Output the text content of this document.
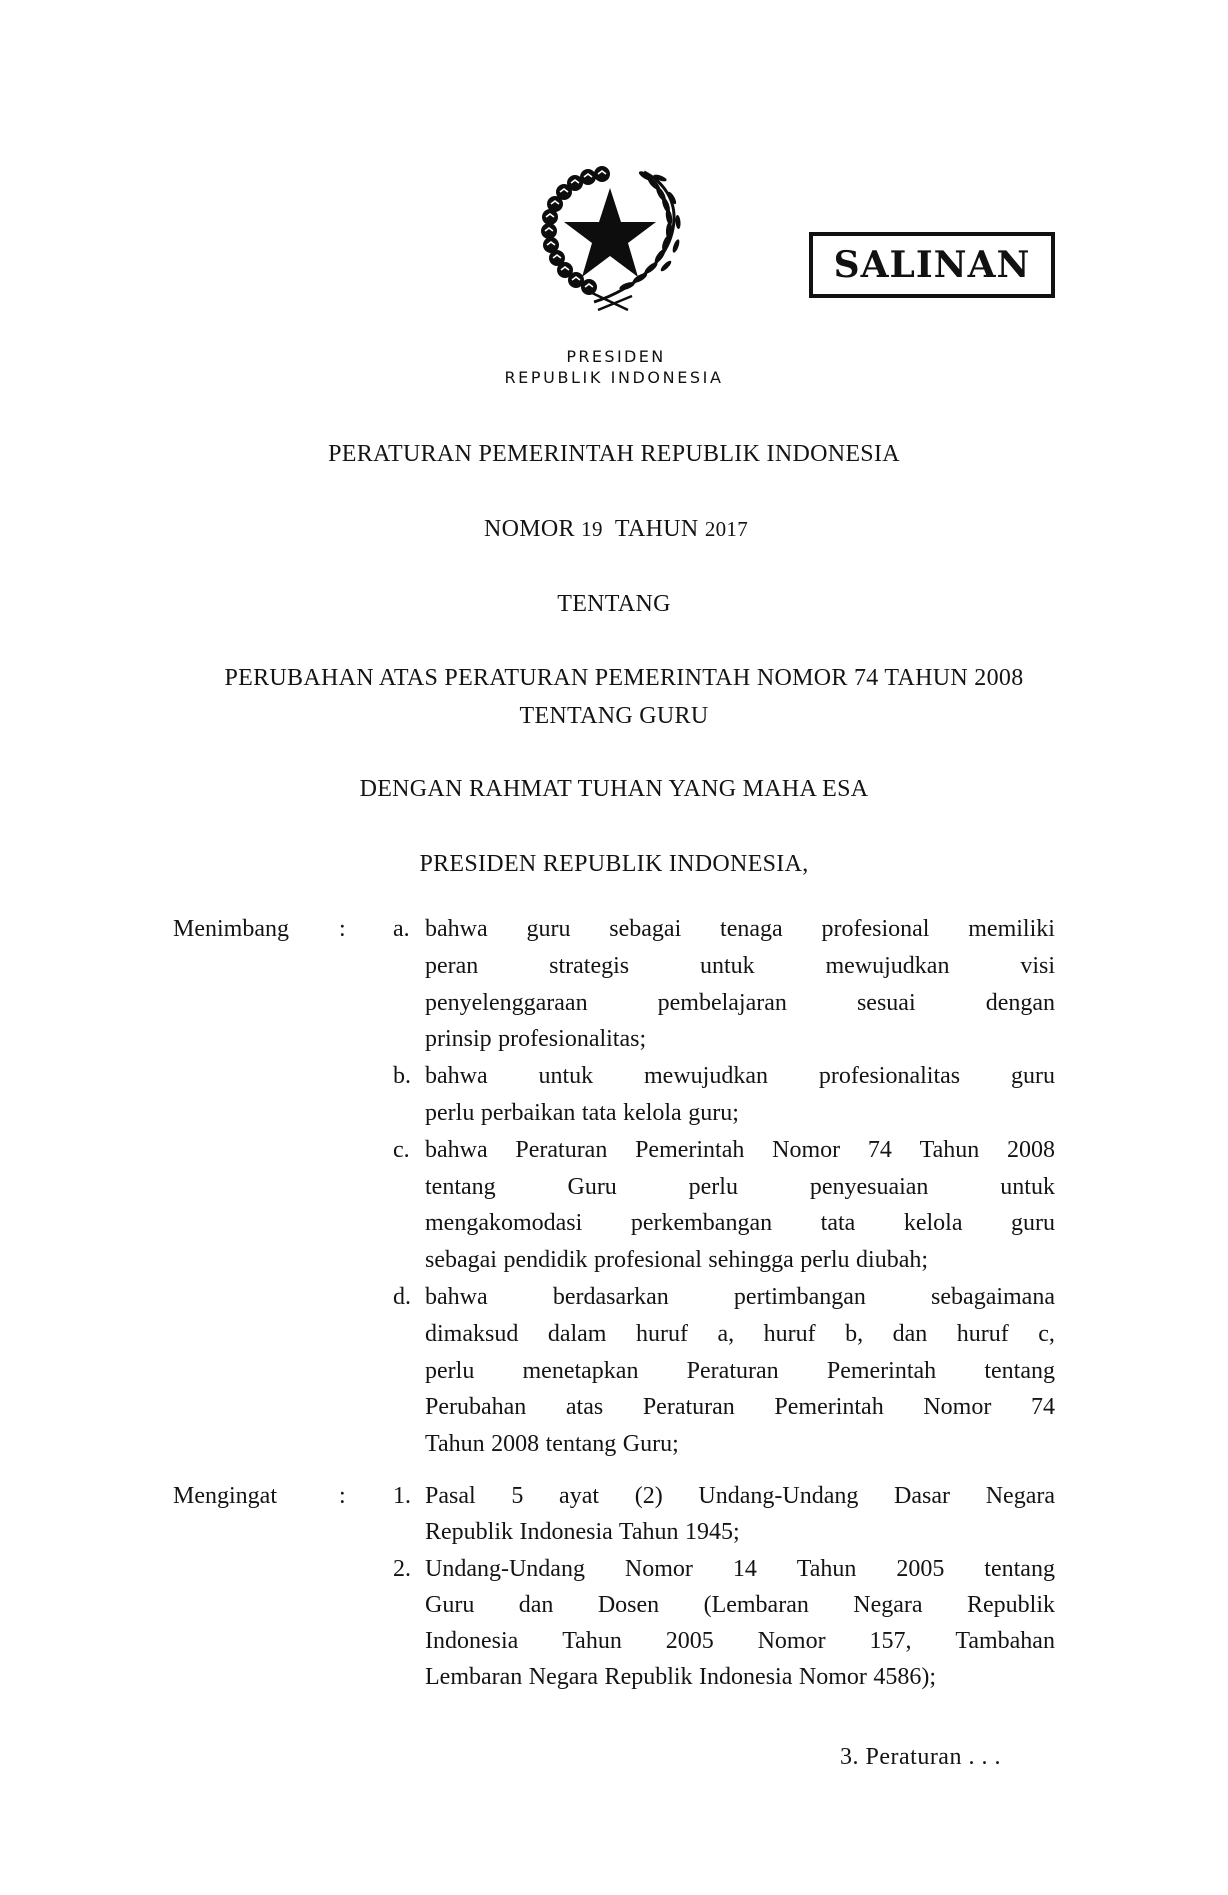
SALINAN
PRESIDEN
REPUBLIK INDONESIA
PERATURAN PEMERINTAH REPUBLIK INDONESIA
NOMOR 19 TAHUN 2017
TENTANG
PERUBAHAN ATAS PERATURAN PEMERINTAH NOMOR 74 TAHUN 2008
TENTANG GURU
DENGAN RAHMAT TUHAN YANG MAHA ESA
PRESIDEN REPUBLIK INDONESIA,
Menimbang	:	a. bahwa guru sebagai tenaga profesional memiliki
peran	strategis	untuk	mewujudkan	visi
penyelenggaraan	pembelajaran	sesuai	dengan
prinsip profesionalitas;
b. bahwa untuk mewujudkan profesionalitas guru
perlu perbaikan tata kelola guru;
c. bahwa Peraturan Pemerintah Nomor 74 Tahun 2008
tentang	Guru	perlu	penyesuaian	untuk
mengakomodasi perkembangan tata kelola guru
sebagai pendidik profesional sehingga perlu diubah;
d. bahwa	berdasarkan	pertimbangan	sebagaimana
dimaksud dalam huruf a, huruf b, dan huruf c,
perlu menetapkan Peraturan Pemerintah tentang
Perubahan atas Peraturan Pemerintah Nomor 74
Tahun 2008 tentang Guru;
Mengingat	:	1. Pasal 5 ayat (2) Undang-Undang Dasar Negara
Republik Indonesia Tahun 1945;
2. Undang-Undang Nomor 14 Tahun 2005 tentang
Guru dan Dosen (Lembaran Negara Republik
Indonesia Tahun 2005 Nomor 157, Tambahan
Lembaran Negara Republik Indonesia Nomor 4586);
3. Peraturan . . .
